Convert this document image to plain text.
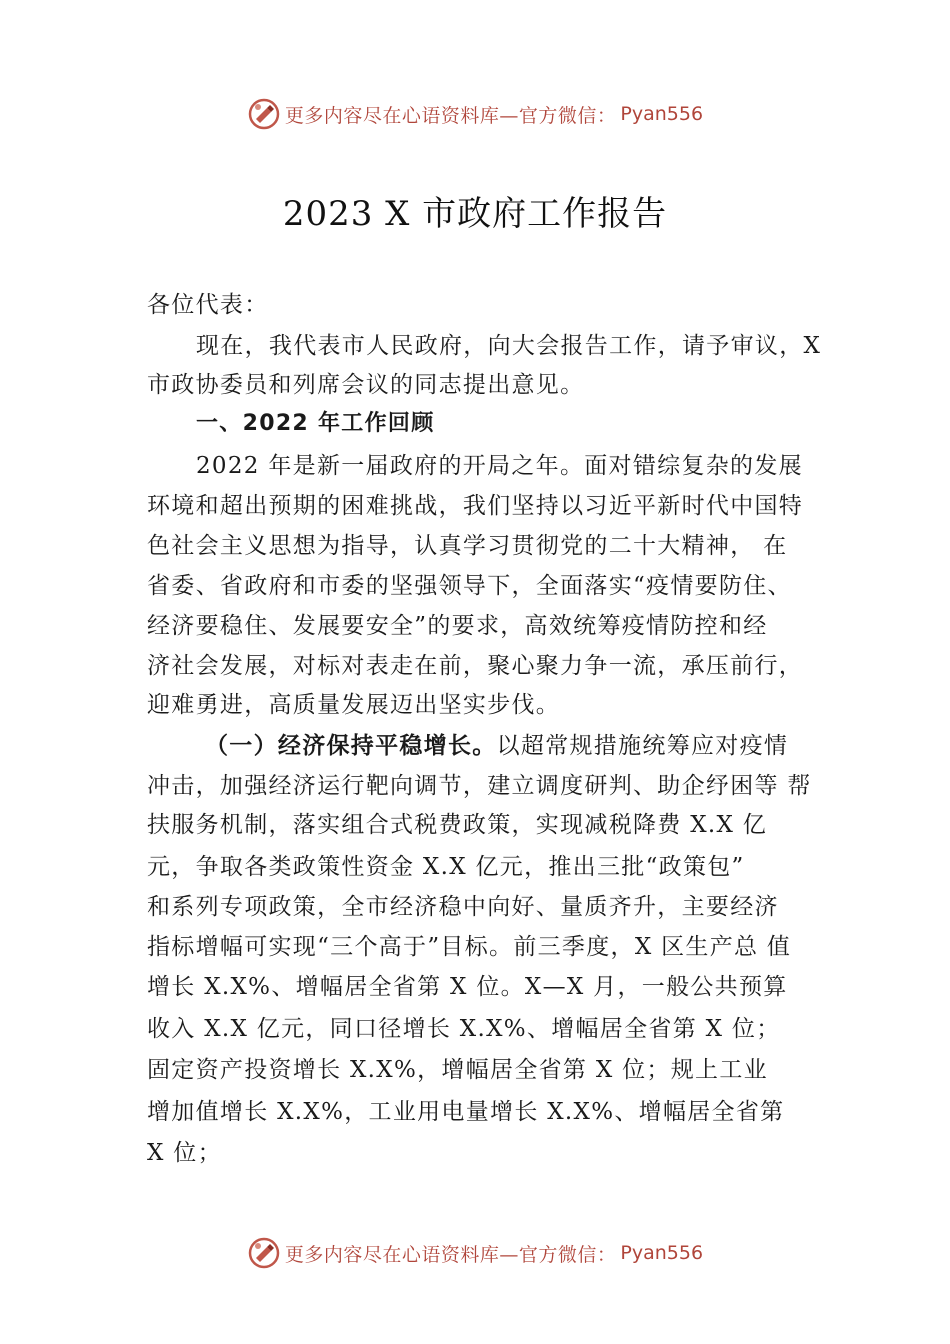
更多内容尽在心语资料库—官方微信： Pyan556
2023 X 市政府工作报告
各位代表：
现在，我代表市人民政府，向大会报告工作，请予审议，X
市政协委员和列席会议的同志提出意见。
一、2022 年工作回顾
2022 年是新一届政府的开局之年。面对错综复杂的发展
环境和超出预期的困难挑战，我们坚持以习近平新时代中国特
色社会主义思想为指导，认真学习贯彻党的二十大精神， 在
省委、省政府和市委的坚强领导下，全面落实“疫情要防住、
经济要稳住、发展要安全”的要求，高效统筹疫情防控和经
济社会发展，对标对表走在前，聚心聚力争一流，承压前行，
迎难勇进，高质量发展迈出坚实步伐。
（一）经济保持平稳增长。以超常规措施统筹应对疫情
冲击，加强经济运行靶向调节，建立调度研判、助企纾困等 帮
扶服务机制，落实组合式税费政策，实现减税降费 X.X 亿
元，争取各类政策性资金 X.X 亿元，推出三批“政策包”
和系列专项政策，全市经济稳中向好、量质齐升，主要经济
指标增幅可实现“三个高于”目标。前三季度，X 区生产总 值
增长 X.X%、增幅居全省第 X 位。X—X 月，一般公共预算
收入 X.X 亿元，同口径增长 X.X%、增幅居全省第 X 位；
固定资产投资增长 X.X%，增幅居全省第 X 位；规上工业
增加值增长 X.X%，工业用电量增长 X.X%、增幅居全省第
X 位；
更多内容尽在心语资料库—官方微信： Pyan556
